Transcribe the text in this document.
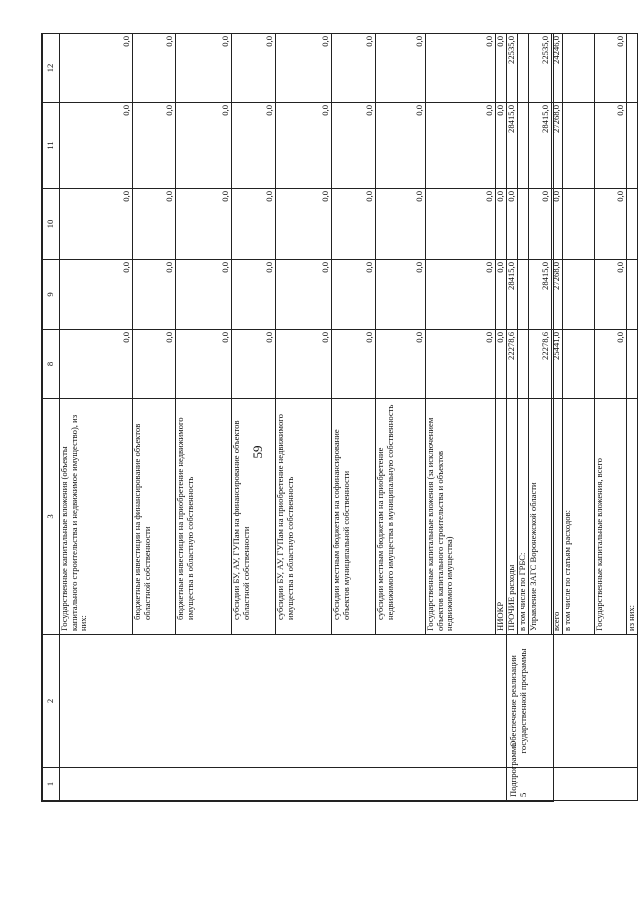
59
1	2	3	8	9	10	11	12
		Государственные капитальные вложения (объекты капитального строительства и недвижимое имущество), из них:	0,0	0,0	0,0	0,0	0,0
		бюджетные инвестиции на финансирование объектов областной собственности	0,0	0,0	0,0	0,0	0,0
		бюджетные инвестиции на приобретение недвижимого имущества в областную собственность	0,0	0,0	0,0	0,0	0,0
		субсидии БУ, АУ, ГУПам на финансирование объектов областной собственности	0,0	0,0	0,0	0,0	0,0
		субсидии БУ, АУ, ГУПам на приобретение недвижимого имущества в областную собственность	0,0	0,0	0,0	0,0	0,0
		субсидии местным бюджетам на софинансирование объектов муниципальной собственности	0,0	0,0	0,0	0,0	0,0
		субсидии местным бюджетам на приобретение недвижимого имущества в муниципальную собственность	0,0	0,0	0,0	0,0	0,0
		Государственные капитальные вложения (за исключением объектов капитального строительства и объектов недвижимого имущества)	0,0	0,0	0,0	0,0	0,0
		НИОКР	0,0	0,0	0,0	0,0	0,0
Подпрограмма 5	Обеспечение реализации государственной программы	ПРОЧИЕ расходы	22278,6	28415,0	0,0	28415,0	22535,0
		в том числе по ГРБС:					
		Управление ЗАГС Воронежской области	22278,6	28415,0	0,0	28415,0	22535,0
		всего	25441,0	27268,0	0,0	27268,0	24246,0
		в том числе по статьям расходов:					
		Государственные капитальные вложения, всего	0,0	0,0	0,0	0,0	0,0
		из них:					
